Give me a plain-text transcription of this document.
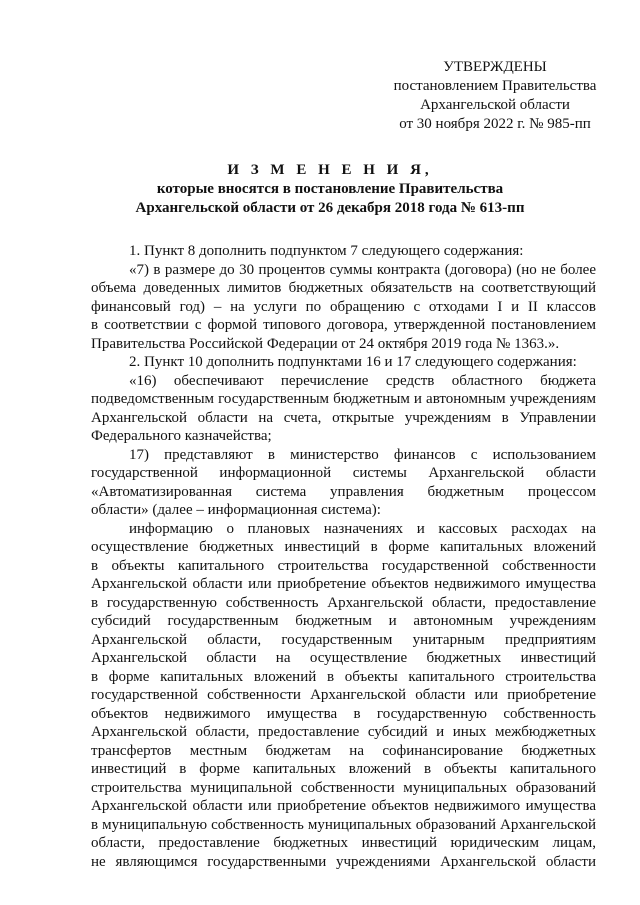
УТВЕРЖДЕНЫ
постановлением Правительства
Архангельской области
от 30 ноября 2022 г. № 985-пп
И З М Е Н Е Н И Я,
которые вносятся в постановление Правительства
Архангельской области от 26 декабря 2018 года № 613-пп
1. Пункт 8 дополнить подпунктом 7 следующего содержания:
«7) в размере до 30 процентов суммы контракта (договора) (но не более
объема доведенных лимитов бюджетных обязательств на соответствующий
финансовый год) – на услуги по обращению с отходами I и II классов
в соответствии с формой типового договора, утвержденной постановлением
Правительства Российской Федерации от 24 октября 2019 года № 1363.».
2. Пункт 10 дополнить подпунктами 16 и 17 следующего содержания:
«16) обеспечивают перечисление средств областного бюджета
подведомственным государственным бюджетным и автономным учреждениям
Архангельской области на счета, открытые учреждениям в Управлении
Федерального казначейства;
17) представляют в министерство финансов с использованием
государственной информационной системы Архангельской области
«Автоматизированная система управления бюджетным процессом
области» (далее – информационная система):
информацию о плановых назначениях и кассовых расходах на
осуществление бюджетных инвестиций в форме капитальных вложений
в объекты капитального строительства государственной собственности
Архангельской области или приобретение объектов недвижимого имущества
в государственную собственность Архангельской области, предоставление
субсидий государственным бюджетным и автономным учреждениям
Архангельской области, государственным унитарным предприятиям
Архангельской области на осуществление бюджетных инвестиций
в форме капитальных вложений в объекты капитального строительства
государственной собственности Архангельской области или приобретение
объектов недвижимого имущества в государственную собственность
Архангельской области, предоставление субсидий и иных межбюджетных
трансфертов местным бюджетам на софинансирование бюджетных
инвестиций в форме капитальных вложений в объекты капитального
строительства муниципальной собственности муниципальных образований
Архангельской области или приобретение объектов недвижимого имущества
в муниципальную собственность муниципальных образований Архангельской
области, предоставление бюджетных инвестиций юридическим лицам,
не являющимся государственными учреждениями Архангельской области
